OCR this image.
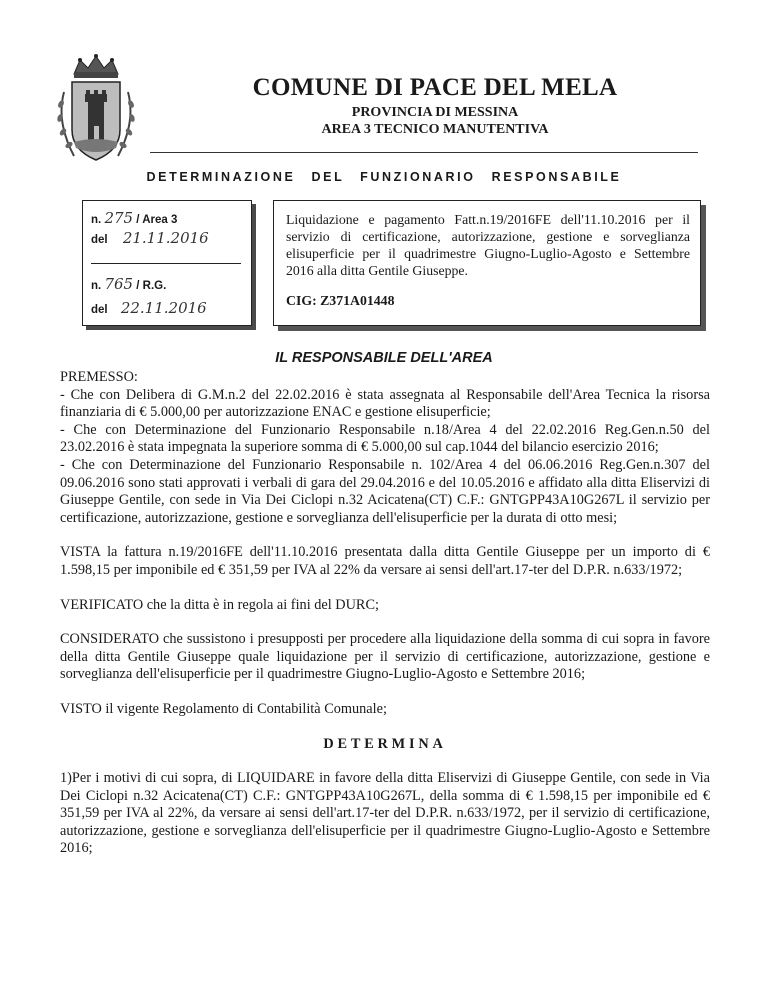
COMUNE DI PACE DEL MELA
PROVINCIA DI MESSINA
AREA 3 TECNICO MANUTENTIVA
DETERMINAZIONE DEL FUNZIONARIO RESPONSABILE
n. 275 / Area 3
del 21.11.2016
n. 765 / R.G.
del 22.11.2016
Liquidazione e pagamento Fatt.n.19/2016FE dell'11.10.2016 per il servizio di certificazione, autorizzazione, gestione e sorveglianza elisuperficie per il quadrimestre Giugno-Luglio-Agosto e Settembre 2016 alla ditta Gentile Giuseppe.
CIG: Z371A01448
IL RESPONSABILE DELL'AREA

PREMESSO:

- Che con Delibera di G.M.n.2 del 22.02.2016 è stata assegnata al Responsabile dell'Area Tecnica la risorsa finanziaria di € 5.000,00 per autorizzazione ENAC e gestione elisuperficie;

- Che con Determinazione del Funzionario Responsabile n.18/Area 4 del 22.02.2016 Reg.Gen.n.50 del 23.02.2016 è stata impegnata la superiore somma di € 5.000,00 sul cap.1044 del bilancio esercizio 2016;

- Che con Determinazione del Funzionario Responsabile n. 102/Area 4 del 06.06.2016 Reg.Gen.n.307 del 09.06.2016 sono stati approvati i verbali di gara del 29.04.2016 e del 10.05.2016 e affidato alla ditta Eliservizi di Giuseppe Gentile, con sede in Via Dei Ciclopi n.32 Acicatena(CT) C.F.: GNTGPP43A10G267L il servizio per certificazione, autorizzazione, gestione e sorveglianza dell'elisuperficie per la durata di otto mesi;

VISTA la fattura n.19/2016FE dell'11.10.2016 presentata dalla ditta Gentile Giuseppe per un importo di € 1.598,15 per imponibile ed € 351,59 per IVA al 22% da versare ai sensi dell'art.17-ter del D.P.R. n.633/1972;

VERIFICATO che la ditta è in regola ai fini del DURC;

CONSIDERATO che sussistono i presupposti per procedere alla liquidazione della somma di cui sopra in favore della ditta Gentile Giuseppe quale liquidazione per il servizio di certificazione, autorizzazione, gestione e sorveglianza dell'elisuperficie per il quadrimestre Giugno-Luglio-Agosto e Settembre 2016;

VISTO il vigente Regolamento di Contabilità Comunale;

DETERMINA

1)Per i motivi di cui sopra, di LIQUIDARE in favore della ditta Eliservizi di Giuseppe Gentile, con sede in Via Dei Ciclopi n.32 Acicatena(CT) C.F.: GNTGPP43A10G267L, della somma di € 1.598,15 per imponibile ed € 351,59 per IVA al 22%, da versare ai sensi dell'art.17-ter del D.P.R. n.633/1972, per il servizio di certificazione, autorizzazione, gestione e sorveglianza dell'elisuperficie per il quadrimestre Giugno-Luglio-Agosto e Settembre 2016;
